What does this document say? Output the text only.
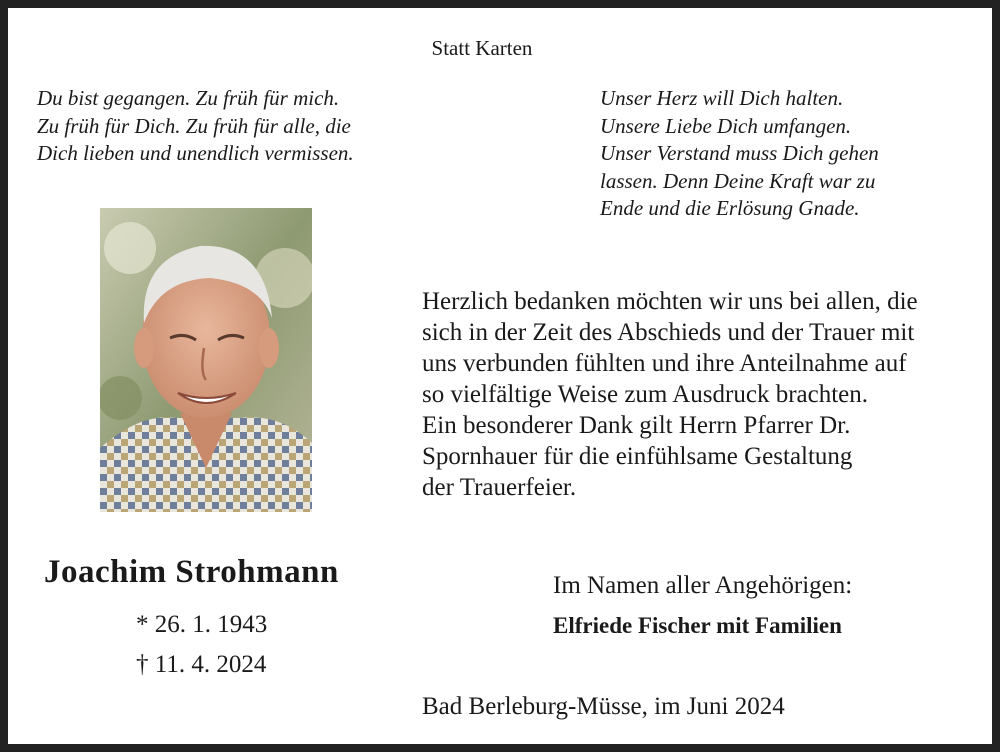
Statt Karten
Du bist gegangen. Zu früh für mich.
Zu früh für Dich. Zu früh für alle, die
Dich lieben und unendlich vermissen.
Unser Herz will Dich halten.
Unsere Liebe Dich umfangen.
Unser Verstand muss Dich gehen
lassen. Denn Deine Kraft war zu
Ende und die Erlösung Gnade.
Joachim Strohmann
* 26. 1. 1943
† 11. 4. 2024
Herzlich bedanken möchten wir uns bei allen, die
sich in der Zeit des Abschieds und der Trauer mit
uns verbunden fühlten und ihre Anteilnahme auf
so vielfältige Weise zum Ausdruck brachten.
Ein besonderer Dank gilt Herrn Pfarrer Dr.
Spornhauer für die einfühlsame Gestaltung
der Trauerfeier.
Im Namen aller Angehörigen:
Elfriede Fischer mit Familien
Bad Berleburg-Müsse, im Juni 2024
